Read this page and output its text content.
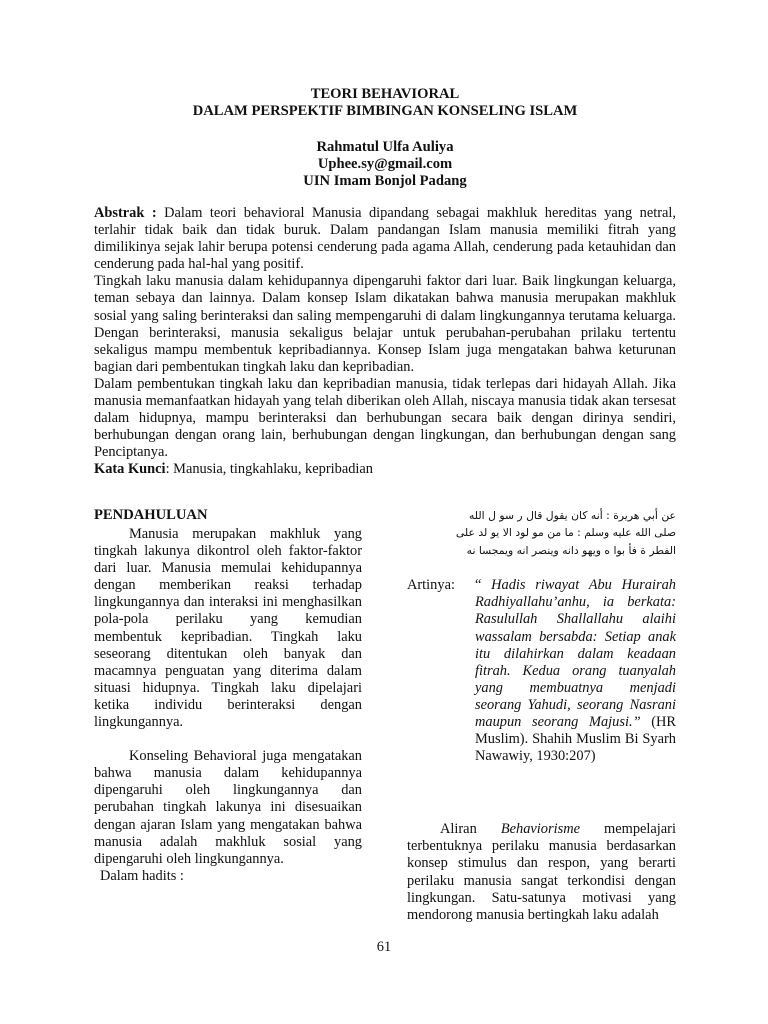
TEORI BEHAVIORAL
DALAM PERSPEKTIF BIMBINGAN KONSELING ISLAM
Rahmatul Ulfa Auliya
Uphee.sy@gmail.com
UIN Imam Bonjol Padang

Abstrak : Dalam teori behavioral Manusia dipandang sebagai makhluk hereditas yang netral, terlahir tidak baik dan tidak buruk. Dalam pandangan Islam manusia memiliki fitrah yang dimilikinya sejak lahir berupa potensi cenderung pada agama Allah, cenderung pada ketauhidan dan cenderung pada hal-hal yang positif.

Tingkah laku manusia dalam kehidupannya dipengaruhi faktor dari luar. Baik lingkungan keluarga, teman sebaya dan lainnya. Dalam konsep Islam dikatakan bahwa manusia merupakan makhluk sosial yang saling berinteraksi dan saling mempengaruhi di dalam lingkungannya terutama keluarga. Dengan berinteraksi, manusia sekaligus belajar untuk perubahan-perubahan prilaku tertentu sekaligus mampu membentuk kepribadiannya. Konsep Islam juga mengatakan bahwa keturunan bagian dari pembentukan tingkah laku dan kepribadian.

Dalam pembentukan tingkah laku dan kepribadian manusia, tidak terlepas dari hidayah Allah. Jika manusia memanfaatkan hidayah yang telah diberikan oleh Allah, niscaya manusia tidak akan tersesat dalam hidupnya, mampu berinteraksi dan berhubungan secara baik dengan dirinya sendiri, berhubungan dengan orang lain, berhubungan dengan lingkungan, dan berhubungan dengan sang Penciptanya.

Kata Kunci: Manusia, tingkahlaku, kepribadian

PENDAHULUAN

Manusia merupakan makhluk yang tingkah lakunya dikontrol oleh faktor-faktor dari luar. Manusia memulai kehidupannya dengan memberikan reaksi terhadap lingkungannya dan interaksi ini menghasilkan pola-pola perilaku yang kemudian membentuk kepribadian. Tingkah laku seseorang ditentukan oleh banyak dan macamnya penguatan yang diterima dalam situasi hidupnya. Tingkah laku dipelajari ketika individu berinteraksi dengan lingkungannya.

Konseling Behavioral juga mengatakan bahwa manusia dalam kehidupannya dipengaruhi oleh lingkungannya dan perubahan tingkah lakunya ini disesuaikan dengan ajaran Islam yang mengatakan bahwa manusia adalah makhluk sosial yang dipengaruhi oleh lingkungannya.

Dalam hadits :

عن أبي هريرة : أنه كان يقول قال ر سو ل الله
صلى الله عليه وسلم : ما من مو لود الا يو لد على
الفطر ة فأ بوا ه ويهو دانه وينصر انه ويمجسا نه
Artinya: “ Hadis riwayat Abu Hurairah Radhiyallahu’anhu, ia berkata: Rasulullah Shallallahu alaihi wassalam bersabda: Setiap anak itu dilahirkan dalam keadaan fitrah. Kedua orang tuanyalah yang membuatnya menjadi seorang Yahudi, seorang Nasrani maupun seorang Majusi.” (HR Muslim). Shahih Muslim Bi Syarh Nawawiy, 1930:207)

Aliran Behaviorisme mempelajari terbentuknya perilaku manusia berdasarkan konsep stimulus dan respon, yang berarti perilaku manusia sangat terkondisi dengan lingkungan. Satu-satunya motivasi yang mendorong manusia bertingkah laku adalah

61
